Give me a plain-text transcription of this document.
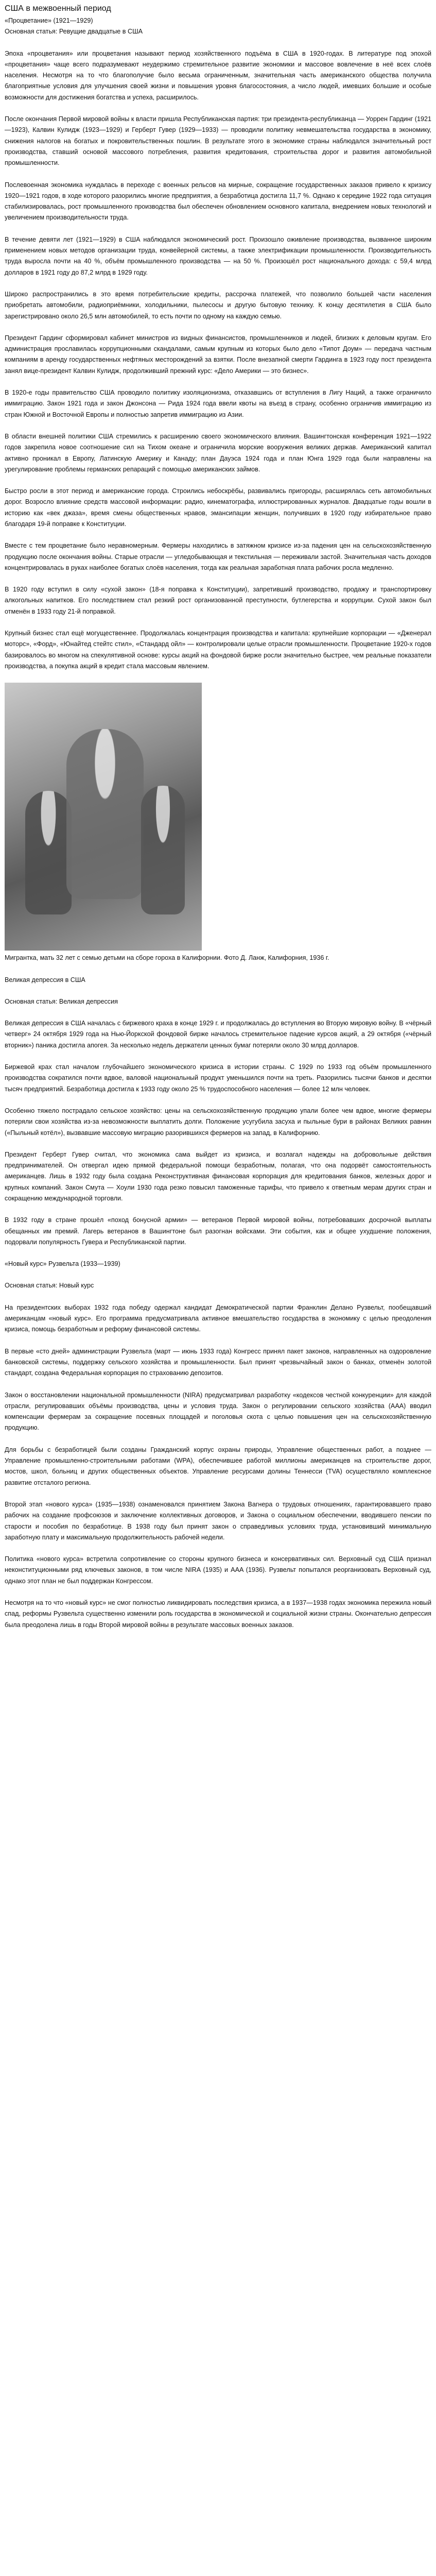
США в межвоенный период

«Процветание» (1921—1929)

Основная статья: Ревущие двадцатые в США

Эпоха «процветания» или процветания называют период хозяйственного подъёма в США в 1920-годах. В литературе под эпохой «процветания» чаще всего подразумевают неудержимо стремительное развитие экономики и массовое вовлечение в неё всех слоёв населения. Несмотря на то что благополучие было весьма ограниченным, значительная часть американского общества получила благоприятные условия для улучшения своей жизни и повышения уровня благосостояния, а число людей, имевших большие и особые возможности для достижения богатства и успеха, расширилось.

После окончания Первой мировой войны к власти пришла Республиканская партия: три президента-республиканца — Уоррен Гардинг (1921—1923), Калвин Кулидж (1923—1929) и Герберт Гувер (1929—1933) — проводили политику невмешательства государства в экономику, снижения налогов на богатых и покровительственных пошлин. В результате этого в экономике страны наблюдался значительный рост производства, ставший основой массового потребления, развития кредитования, строительства дорог и развития автомобильной промышленности.

Послевоенная экономика нуждалась в переходе с военных рельсов на мирные, сокращение государственных заказов привело к кризису 1920—1921 годов, в ходе которого разорились многие предприятия, а безработица достигла 11,7 %. Однако к середине 1922 года ситуация стабилизировалась, рост промышленного производства был обеспечен обновлением основного капитала, внедрением новых технологий и увеличением производительности труда.

В течение девяти лет (1921—1929) в США наблюдался экономический рост. Произошло оживление производства, вызванное широким применением новых методов организации труда, конвейерной системы, а также электрификации промышленности. Производительность труда выросла почти на 40 %, объём промышленного производства — на 50 %. Произошёл рост национального дохода: с 59,4 млрд долларов в 1921 году до 87,2 млрд в 1929 году.

Широко распространились в это время потребительские кредиты, рассрочка платежей, что позволило большей части населения приобретать автомобили, радиоприёмники, холодильники, пылесосы и другую бытовую технику. К концу десятилетия в США было зарегистрировано около 26,5 млн автомобилей, то есть почти по одному на каждую семью.

Президент Гардинг сформировал кабинет министров из видных финансистов, промышленников и людей, близких к деловым кругам. Его администрация прославилась коррупционными скандалами, самым крупным из которых было дело «Типот Доум» — передача частным компаниям в аренду государственных нефтяных месторождений за взятки. После внезапной смерти Гардинга в 1923 году пост президента занял вице-президент Калвин Кулидж, продолживший прежний курс: «Дело Америки — это бизнес».

В 1920-е годы правительство США проводило политику изоляционизма, отказавшись от вступления в Лигу Наций, а также ограничило иммиграцию. Закон 1921 года и закон Джонсона — Рида 1924 года ввели квоты на въезд в страну, особенно ограничив иммиграцию из стран Южной и Восточной Европы и полностью запретив иммиграцию из Азии.

В области внешней политики США стремились к расширению своего экономического влияния. Вашингтонская конференция 1921—1922 годов закрепила новое соотношение сил на Тихом океане и ограничила морские вооружения великих держав. Американский капитал активно проникал в Европу, Латинскую Америку и Канаду; план Дауэса 1924 года и план Юнга 1929 года были направлены на урегулирование проблемы германских репараций с помощью американских займов.

Быстро росли в этот период и американские города. Строились небоскрёбы, развивались пригороды, расширялась сеть автомобильных дорог. Возросло влияние средств массовой информации: радио, кинематографа, иллюстрированных журналов. Двадцатые годы вошли в историю как «век джаза», время смены общественных нравов, эмансипации женщин, получивших в 1920 году избирательное право благодаря 19-й поправке к Конституции.

Вместе с тем процветание было неравномерным. Фермеры находились в затяжном кризисе из-за падения цен на сельскохозяйственную продукцию после окончания войны. Старые отрасли — угледобывающая и текстильная — переживали застой. Значительная часть доходов концентрировалась в руках наиболее богатых слоёв населения, тогда как реальная заработная плата рабочих росла медленно.

В 1920 году вступил в силу «сухой закон» (18-я поправка к Конституции), запретивший производство, продажу и транспортировку алкогольных напитков. Его последствием стал резкий рост организованной преступности, бутлегерства и коррупции. Сухой закон был отменён в 1933 году 21-й поправкой.

Крупный бизнес стал ещё могущественнее. Продолжалась концентрация производства и капитала: крупнейшие корпорации — «Дженерал моторс», «Форд», «Юнайтед стейтс стил», «Стандард ойл» — контролировали целые отрасли промышленности. Процветание 1920-х годов базировалось во многом на спекулятивной основе: курсы акций на фондовой бирже росли значительно быстрее, чем реальные показатели производства, а покупка акций в кредит стала массовым явлением.

Мигрантка, мать 32 лет с семью детьми на сборе гороха в Калифорнии. Фото Д. Ланж, Калифорния, 1936 г.

Великая депрессия в США

Основная статья: Великая депрессия

Великая депрессия в США началась с биржевого краха в конце 1929 г. и продолжалась до вступления во Вторую мировую войну. В «чёрный четверг» 24 октября 1929 года на Нью-Йоркской фондовой бирже началось стремительное падение курсов акций, а 29 октября («чёрный вторник») паника достигла апогея. За несколько недель держатели ценных бумаг потеряли около 30 млрд долларов.

Биржевой крах стал началом глубочайшего экономического кризиса в истории страны. С 1929 по 1933 год объём промышленного производства сократился почти вдвое, валовой национальный продукт уменьшился почти на треть. Разорились тысячи банков и десятки тысяч предприятий. Безработица достигла к 1933 году около 25 % трудоспособного населения — более 12 млн человек.

Особенно тяжело пострадало сельское хозяйство: цены на сельскохозяйственную продукцию упали более чем вдвое, многие фермеры потеряли свои хозяйства из-за невозможности выплатить долги. Положение усугубила засуха и пыльные бури в районах Великих равнин («Пыльный котёл»), вызвавшие массовую миграцию разорившихся фермеров на запад, в Калифорнию.

Президент Герберт Гувер считал, что экономика сама выйдет из кризиса, и возлагал надежды на добровольные действия предпринимателей. Он отвергал идею прямой федеральной помощи безработным, полагая, что она подорвёт самостоятельность американцев. Лишь в 1932 году была создана Реконструктивная финансовая корпорация для кредитования банков, железных дорог и крупных компаний. Закон Смута — Хоули 1930 года резко повысил таможенные тарифы, что привело к ответным мерам других стран и сокращению международной торговли.

В 1932 году в стране прошёл «поход бонусной армии» — ветеранов Первой мировой войны, потребовавших досрочной выплаты обещанных им премий. Лагерь ветеранов в Вашингтоне был разогнан войсками. Эти события, как и общее ухудшение положения, подорвали популярность Гувера и Республиканской партии.

«Новый курс» Рузвельта (1933—1939)

Основная статья: Новый курс

На президентских выборах 1932 года победу одержал кандидат Демократической партии Франклин Делано Рузвельт, пообещавший американцам «новый курс». Его программа предусматривала активное вмешательство государства в экономику с целью преодоления кризиса, помощь безработным и реформу финансовой системы.

В первые «сто дней» администрации Рузвельта (март — июнь 1933 года) Конгресс принял пакет законов, направленных на оздоровление банковской системы, поддержку сельского хозяйства и промышленности. Был принят чрезвычайный закон о банках, отменён золотой стандарт, создана Федеральная корпорация по страхованию депозитов.

Закон о восстановлении национальной промышленности (NIRA) предусматривал разработку «кодексов честной конкуренции» для каждой отрасли, регулировавших объёмы производства, цены и условия труда. Закон о регулировании сельского хозяйства (AAA) вводил компенсации фермерам за сокращение посевных площадей и поголовья скота с целью повышения цен на сельскохозяйственную продукцию.

Для борьбы с безработицей были созданы Гражданский корпус охраны природы, Управление общественных работ, а позднее — Управление промышленно-строительными работами (WPA), обеспечившее работой миллионы американцев на строительстве дорог, мостов, школ, больниц и других общественных объектов. Управление ресурсами долины Теннесси (TVA) осуществляло комплексное развитие отсталого региона.

Второй этап «нового курса» (1935—1938) ознаменовался принятием Закона Вагнера о трудовых отношениях, гарантировавшего право рабочих на создание профсоюзов и заключение коллективных договоров, и Закона о социальном обеспечении, вводившего пенсии по старости и пособия по безработице. В 1938 году был принят закон о справедливых условиях труда, установивший минимальную заработную плату и максимальную продолжительность рабочей недели.

Политика «нового курса» встретила сопротивление со стороны крупного бизнеса и консервативных сил. Верховный суд США признал неконституционными ряд ключевых законов, в том числе NIRA (1935) и AAA (1936). Рузвельт попытался реорганизовать Верховный суд, однако этот план не был поддержан Конгрессом.

Несмотря на то что «новый курс» не смог полностью ликвидировать последствия кризиса, а в 1937—1938 годах экономика пережила новый спад, реформы Рузвельта существенно изменили роль государства в экономической и социальной жизни страны. Окончательно депрессия была преодолена лишь в годы Второй мировой войны в результате массовых военных заказов.
